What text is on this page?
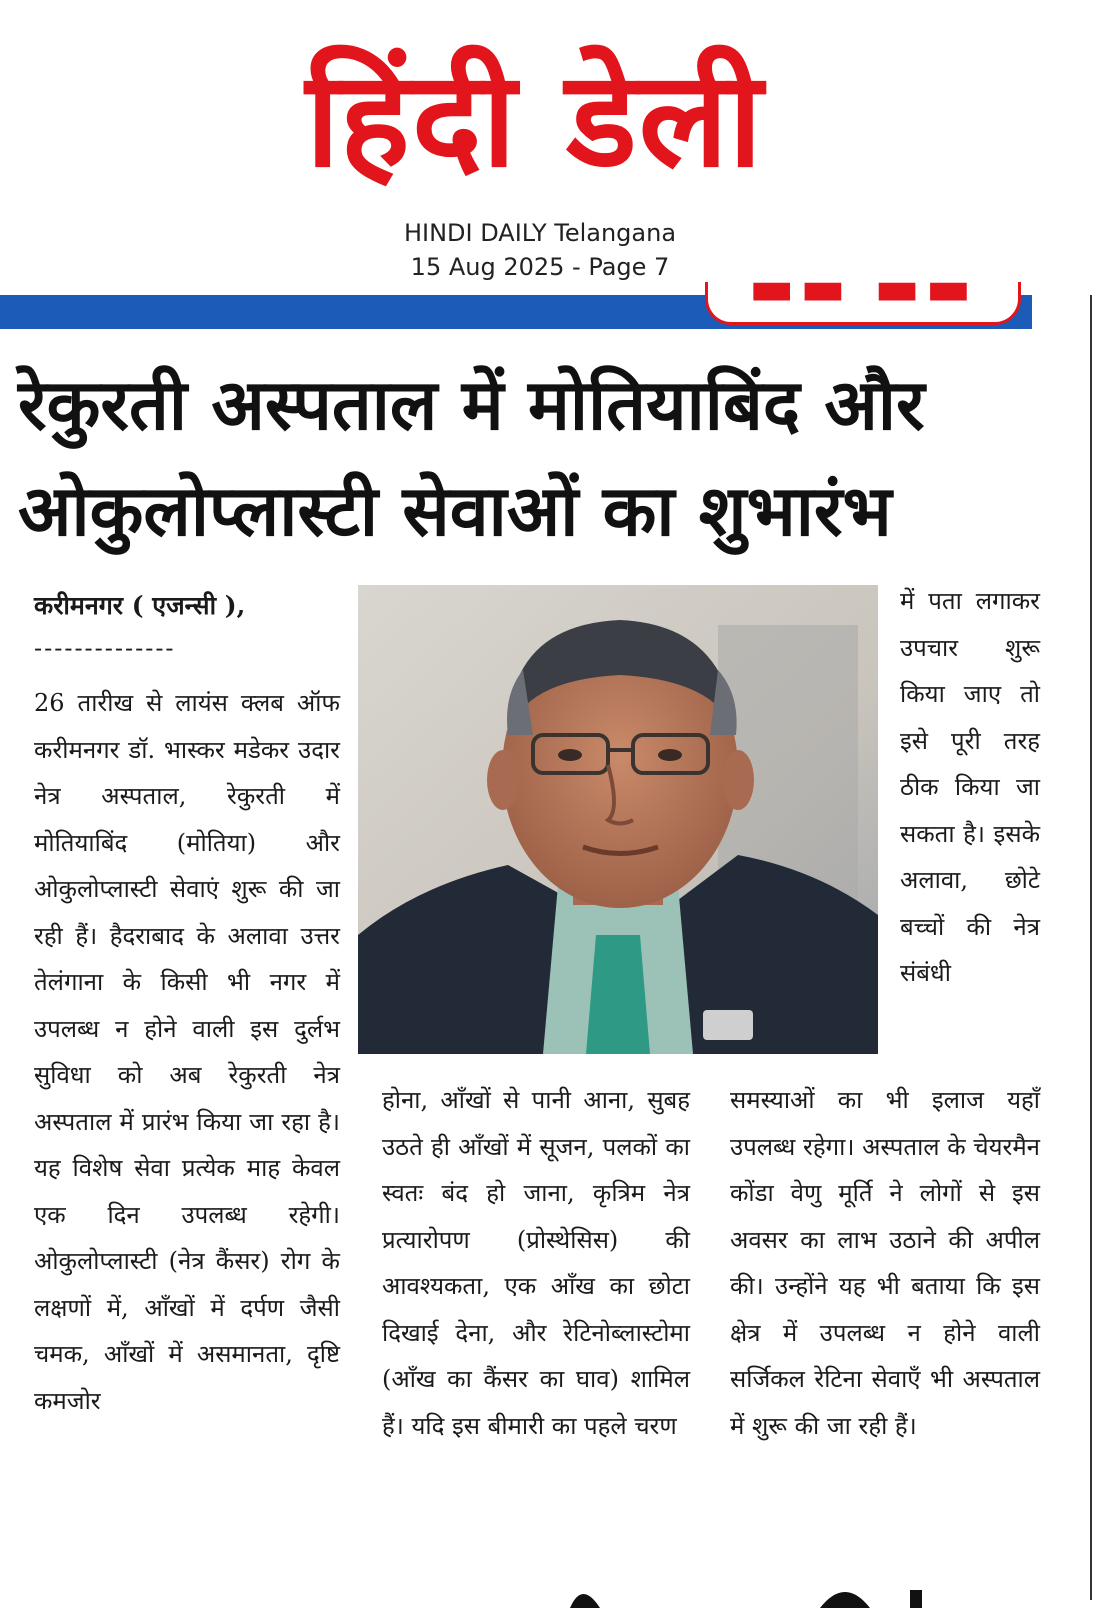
हिंदी डेली
HINDI DAILY Telangana
15 Aug 2025 - Page 7	▬▬ ▬▬
रेकुरती अस्पताल में मोतियाबिंद और
ओकुलोप्लास्टी सेवाओं का शुभारंभ
करीमनगर ( एजन्सी ),
--------------
26 तारीख से लायंस क्लब ऑफ करीमनगर डॉ. भास्कर मडेकर उदार नेत्र अस्पताल, रेकुरती में मोतियाबिंद (मोतिया) और ओकुलोप्लास्टी सेवाएं शुरू की जा रही हैं। हैदराबाद के अलावा उत्तर तेलंगाना के किसी भी नगर में उपलब्ध न होने वाली इस दुर्लभ सुविधा को अब रेकुरती नेत्र अस्पताल में प्रारंभ किया जा रहा है। यह विशेष सेवा प्रत्येक माह केवल एक दिन उपलब्ध रहेगी। ओकुलोप्लास्टी (नेत्र कैंसर) रोग के लक्षणों में, आँखों में दर्पण जैसी चमक, आँखों में असमानता, दृष्टि कमजोर
होना, आँखों से पानी आना, सुबह उठते ही आँखों में सूजन, पलकों का स्वतः बंद हो जाना, कृत्रिम नेत्र प्रत्यारोपण (प्रोस्थेसिस) की आवश्यकता, एक आँख का छोटा दिखाई देना, और रेटिनोब्लास्टोमा (आँख का कैंसर का घाव) शामिल हैं। यदि इस बीमारी का पहले चरण
में पता लगाकर उपचार शुरू किया जाए तो इसे पूरी तरह ठीक किया जा सकता है। इसके अलावा, छोटे बच्चों की नेत्र संबंधी
समस्याओं का भी इलाज यहाँ उपलब्ध रहेगा। अस्पताल के चेयरमैन कोंडा वेणु मूर्ति ने लोगों से इस अवसर का लाभ उठाने की अपील की। उन्होंने यह भी बताया कि इस क्षेत्र में उपलब्ध न होने वाली सर्जिकल रेटिना सेवाएँ भी अस्पताल में शुरू की जा रही हैं।
